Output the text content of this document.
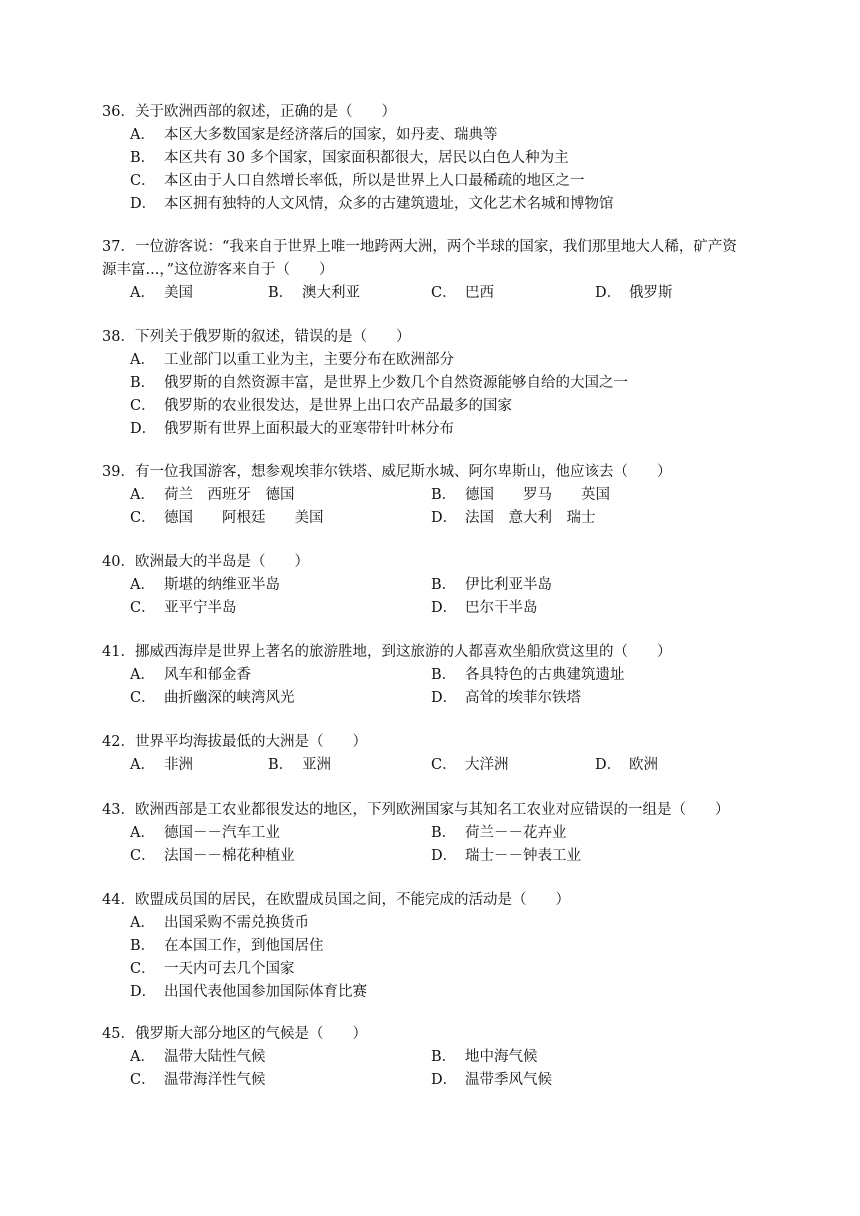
36．关于欧洲西部的叙述，正确的是（　　）
A． 本区大多数国家是经济落后的国家，如丹麦、瑞典等
B． 本区共有 30 多个国家，国家面积都很大，居民以白色人种为主
C． 本区由于人口自然增长率低，所以是世界上人口最稀疏的地区之一
D． 本区拥有独特的人文风情，众多的古建筑遗址，文化艺术名城和博物馆
37．一位游客说：“我来自于世界上唯一地跨两大洲，两个半球的国家，我们那里地大人稀，矿产资
源丰富...，”这位游客来自于（　　）
A． 美国	B． 澳大利亚	C． 巴西	D． 俄罗斯
38．下列关于俄罗斯的叙述，错误的是（　　）
A． 工业部门以重工业为主，主要分布在欧洲部分
B． 俄罗斯的自然资源丰富，是世界上少数几个自然资源能够自给的大国之一
C． 俄罗斯的农业很发达，是世界上出口农产品最多的国家
D． 俄罗斯有世界上面积最大的亚寒带针叶林分布
39．有一位我国游客，想参观埃菲尔铁塔、威尼斯水城、阿尔卑斯山，他应该去（　　）
A． 荷兰　西班牙　德国	B． 德国　　罗马　　英国
C． 德国　　阿根廷　　美国	D． 法国　意大利　瑞士
40．欧洲最大的半岛是（　　）
A． 斯堪的纳维亚半岛	B． 伊比利亚半岛
C． 亚平宁半岛	D． 巴尔干半岛
41．挪威西海岸是世界上著名的旅游胜地，到这旅游的人都喜欢坐船欣赏这里的（　　）
A． 风车和郁金香	B． 各具特色的古典建筑遗址
C． 曲折幽深的峡湾风光	D． 高耸的埃菲尔铁塔
42．世界平均海拔最低的大洲是（　　）
A． 非洲	B． 亚洲	C． 大洋洲	D． 欧洲
43．欧洲西部是工农业都很发达的地区，下列欧洲国家与其知名工农业对应错误的一组是（　　）
A． 德国－－汽车工业	B． 荷兰－－花卉业
C． 法国－－棉花种植业	D． 瑞士－－钟表工业
44．欧盟成员国的居民，在欧盟成员国之间，不能完成的活动是（　　）
A． 出国采购不需兑换货币
B． 在本国工作，到他国居住
C． 一天内可去几个国家
D． 出国代表他国参加国际体育比赛
45．俄罗斯大部分地区的气候是（　　）
A． 温带大陆性气候	B． 地中海气候
C． 温带海洋性气候	D． 温带季风气候
